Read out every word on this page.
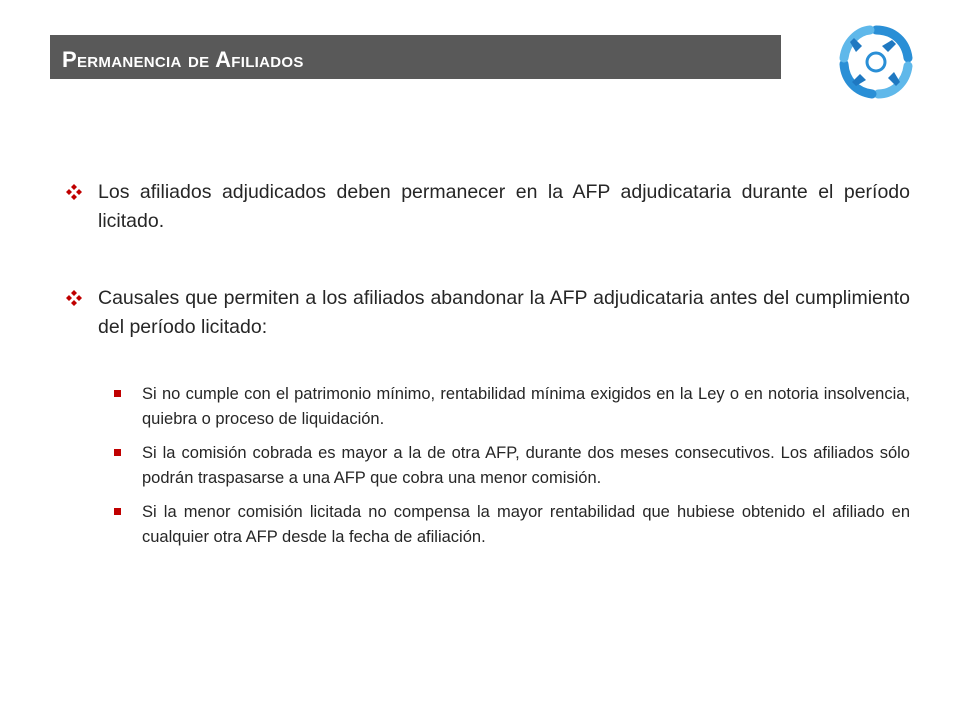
Permanencia de Afiliados
Los afiliados adjudicados deben permanecer en la AFP adjudicataria durante el período licitado.
Causales que permiten a los afiliados abandonar la AFP adjudicataria antes del cumplimiento del período licitado:
Si no cumple con el patrimonio mínimo, rentabilidad mínima exigidos en la Ley o en notoria insolvencia, quiebra o proceso de liquidación.
Si la comisión cobrada es mayor a la de otra AFP, durante dos meses consecutivos. Los afiliados sólo podrán traspasarse a una AFP que cobra una menor comisión.
Si la menor comisión licitada no compensa la mayor rentabilidad que hubiese obtenido el afiliado en cualquier otra AFP desde la fecha de afiliación.
